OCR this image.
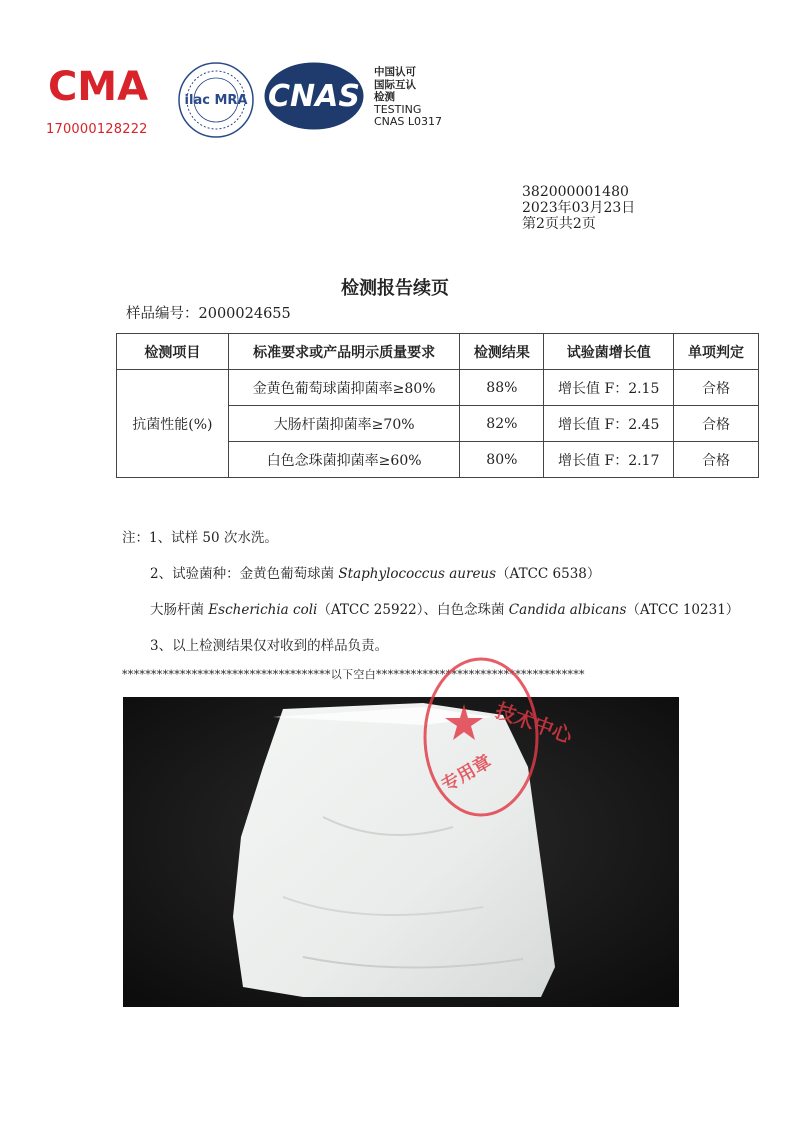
CMA
170000128222
ilac MRA CNAS
中国认可
国际互认
检测
TESTING
CNAS L0317
382000001480
2023年03月23日
第2页共2页
检测报告续页
样品编号：2000024655
检测项目	标准要求或产品明示质量要求	检测结果	试验菌增长值	单项判定
抗菌性能(%)	金黄色葡萄球菌抑菌率≥80%	88%	增长值 F：2.15	合格
	大肠杆菌抑菌率≥70%	82%	增长值 F：2.45	合格
	白色念珠菌抑菌率≥60%	80%	增长值 F：2.17	合格
注：1、试样 50 次水洗。
2、试验菌种：金黄色葡萄球菌 Staphylococcus aureus（ATCC 6538）
大肠杆菌 Escherichia coli（ATCC 25922）、白色念珠菌 Candida albicans（ATCC 10231）
3、以上检测结果仅对收到的样品负责。
************************************以下空白************************************
技术中心
专用章
